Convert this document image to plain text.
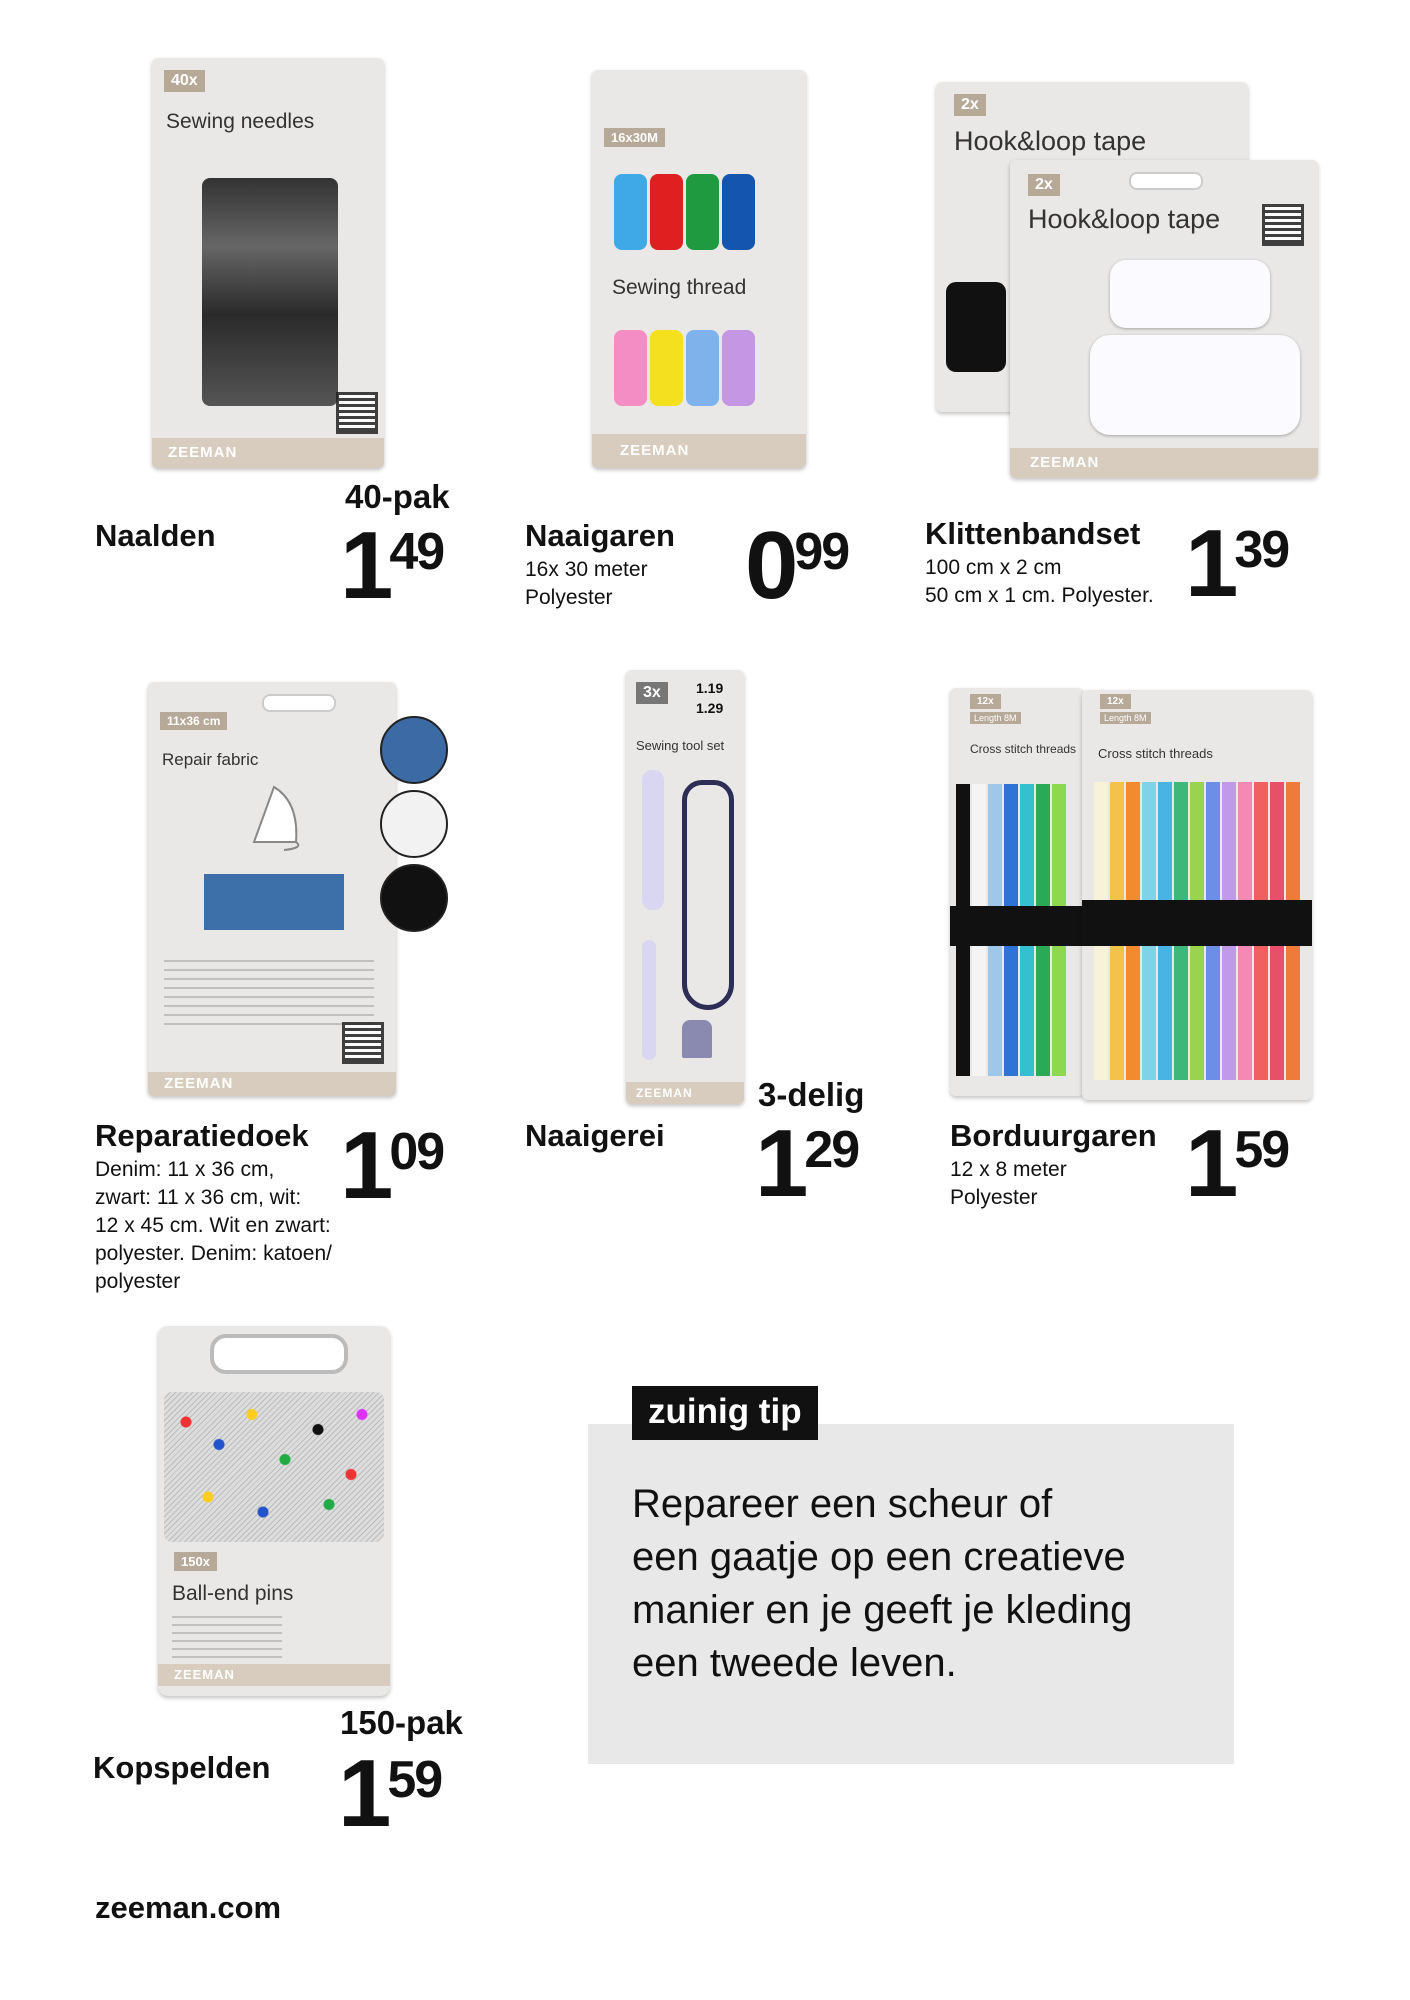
40x
Sewing needles
ZEEMAN
Naalden
40-pak
149
16x30M
Sewing thread
ZEEMAN
Naaigaren
16x 30 meter
Polyester	099
2x
Hook&loop tape
2x
Hook&loop tape
ZEEMAN
Klittenbandset
100 cm x 2 cm
50 cm x 1 cm. Polyester. 139
11x36 cm
Repair fabric
ZEEMAN
Reparatiedoek
Denim: 11 x 36 cm,
zwart: 11 x 36 cm, wit:
12 x 45 cm. Wit en zwart:
polyester. Denim: katoen/
polyester
109
3x	1.19
1.29
Sewing tool set
ZEEMAN
Naaigerei
3-delig
129
12x
Length 8M
Cross stitch threads
12x
Length 8M
Cross stitch threads
Borduurgaren
12 x 8 meter
Polyester	159
150x
Ball-end pins
ZEEMAN
Kopspelden
150-pak
159
zuinig tip
Repareer een scheur of
een gaatje op een creatieve
manier en je geeft je kleding
een tweede leven.
zeeman.com
